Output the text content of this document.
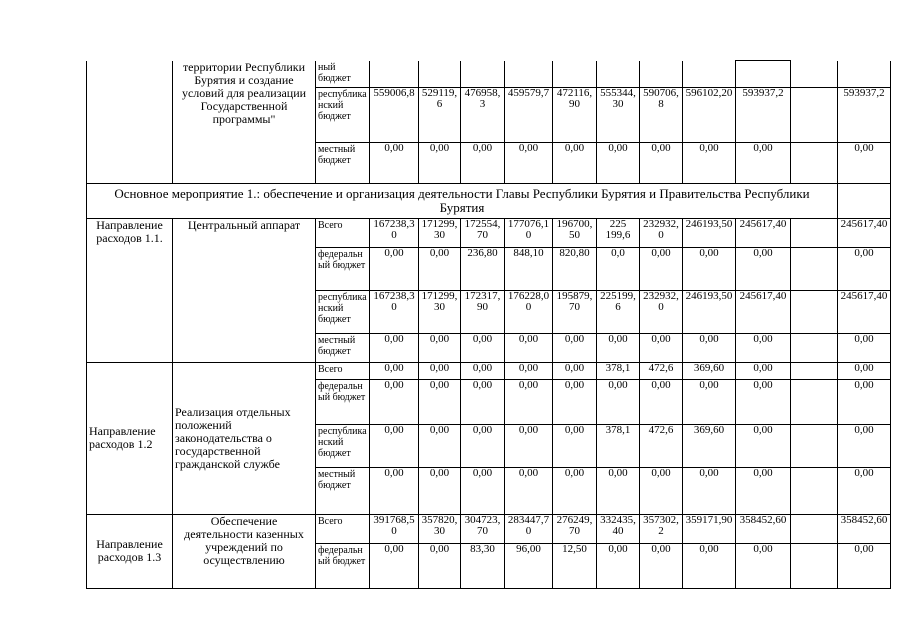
	территории Республики Бурятия и создание условий для реализации Государственной программы"	ный бюджет											
		республиканский бюджет	559006,8	529119,6	476958,3	459579,7	472116,90	555344,30	590706,8	596102,20	593937,2		593937,2
		местный бюджет	0,00	0,00	0,00	0,00	0,00	0,00	0,00	0,00	0,00		0,00
Основное мероприятие 1.: обеспечение и организация деятельности Главы Республики Бурятия и Правительства Республики Бурятия													
Направление расходов 1.1.	Центральный аппарат	Всего	167238,30	171299,30	172554,70	177076,10	196700,50	225 199,6	232932,0	246193,50	245617,40		245617,40
		федеральный бюджет	0,00	0,00	236,80	848,10	820,80	0,0	0,00	0,00	0,00		0,00
		республиканский бюджет	167238,30	171299,30	172317,90	176228,00	195879,70	225199,6	232932,0	246193,50	245617,40		245617,40
		местный бюджет	0,00	0,00	0,00	0,00	0,00	0,00	0,00	0,00	0,00		0,00
Направление расходов 1.2	Реализация отдельных положений законодательства о государственной гражданской службе	Всего	0,00	0,00	0,00	0,00	0,00	378,1	472,6	369,60	0,00		0,00
		федеральный бюджет	0,00	0,00	0,00	0,00	0,00	0,00	0,00	0,00	0,00		0,00
		республиканский бюджет	0,00	0,00	0,00	0,00	0,00	378,1	472,6	369,60	0,00		0,00
		местный бюджет	0,00	0,00	0,00	0,00	0,00	0,00	0,00	0,00	0,00		0,00
Направление расходов 1.3	Обеспечение деятельности казенных учреждений по осуществлению	Всего	391768,50	357820,30	304723,70	283447,70	276249,70	332435,40	357302,2	359171,90	358452,60		358452,60
		федеральный бюджет	0,00	0,00	83,30	96,00	12,50	0,00	0,00	0,00	0,00		0,00
